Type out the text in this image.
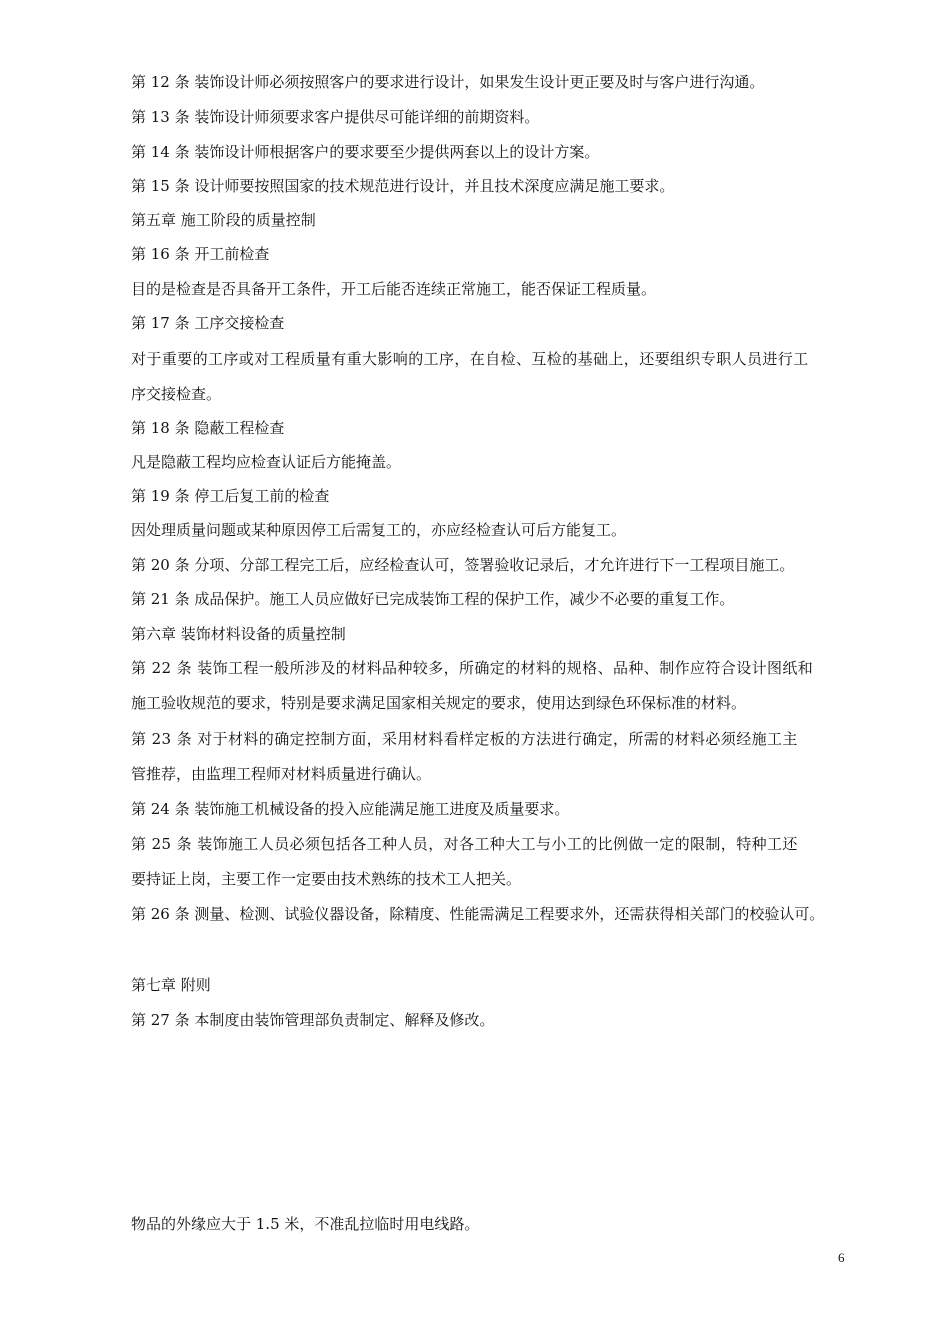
第 12 条 装饰设计师必须按照客户的要求进行设计，如果发生设计更正要及时与客户进行沟通。
第 13 条 装饰设计师须要求客户提供尽可能详细的前期资料。
第 14 条 装饰设计师根据客户的要求要至少提供两套以上的设计方案。
第 15 条 设计师要按照国家的技术规范进行设计，并且技术深度应满足施工要求。
第五章 施工阶段的质量控制
第 16 条 开工前检查
目的是检查是否具备开工条件，开工后能否连续正常施工，能否保证工程质量。
第 17 条 工序交接检查
对于重要的工序或对工程质量有重大影响的工序，在自检、互检的基础上，还要组织专职人员进行工
序交接检查。
第 18 条 隐蔽工程检查
凡是隐蔽工程均应检查认证后方能掩盖。
第 19 条 停工后复工前的检查
因处理质量问题或某种原因停工后需复工的，亦应经检查认可后方能复工。
第 20 条 分项、分部工程完工后，应经检查认可，签署验收记录后，才允许进行下一工程项目施工。
第 21 条 成品保护。施工人员应做好已完成装饰工程的保护工作，减少不必要的重复工作。
第六章 装饰材料设备的质量控制
第 22 条 装饰工程一般所涉及的材料品种较多，所确定的材料的规格、品种、制作应符合设计图纸和
施工验收规范的要求，特别是要求满足国家相关规定的要求，使用达到绿色环保标准的材料。
第 23 条 对于材料的确定控制方面，采用材料看样定板的方法进行确定，所需的材料必须经施工主
管推荐，由监理工程师对材料质量进行确认。
第 24 条 装饰施工机械设备的投入应能满足施工进度及质量要求。
第 25 条 装饰施工人员必须包括各工种人员，对各工种大工与小工的比例做一定的限制，特种工还
要持证上岗，主要工作一定要由技术熟练的技术工人把关。
第 26 条 测量、检测、试验仪器设备，除精度、性能需满足工程要求外，还需获得相关部门的校验认可。
第七章 附则
第 27 条 本制度由装饰管理部负责制定、解释及修改。
物品的外缘应大于 1.5 米，不准乱拉临时用电线路。
6
